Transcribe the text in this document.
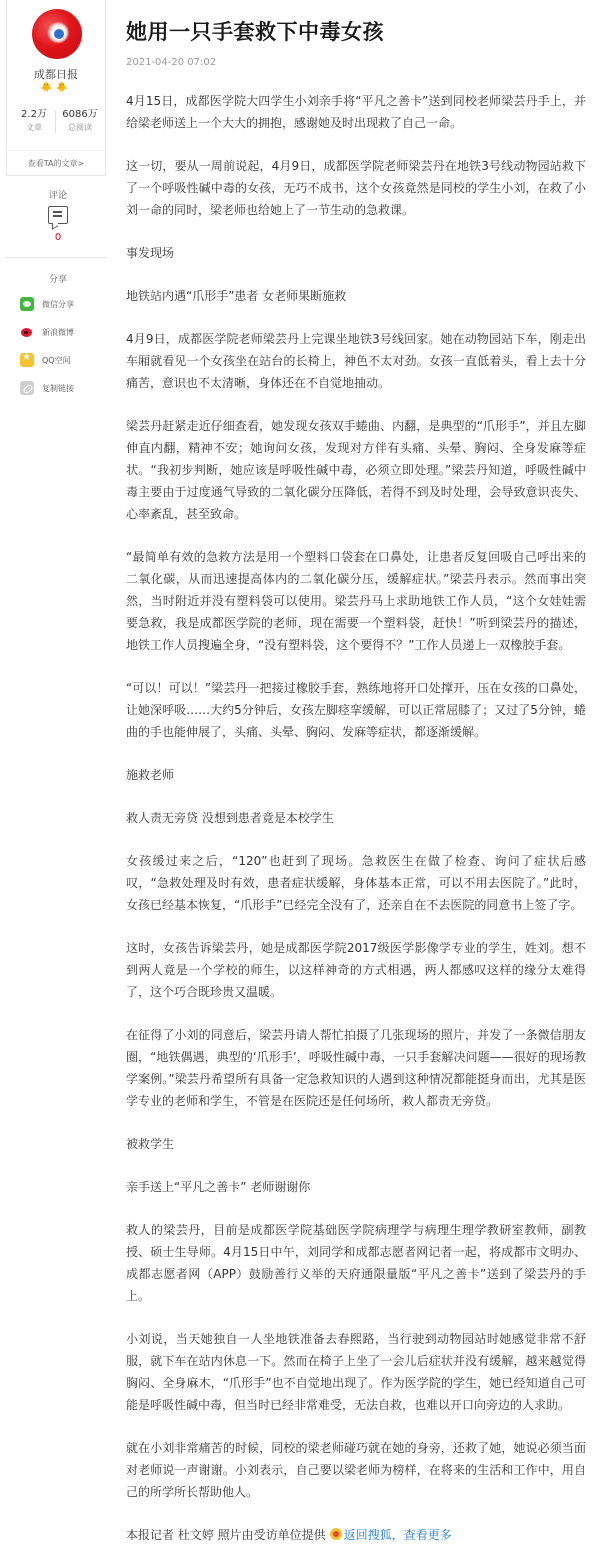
成都日报
🐥🐥
2.2万
文章
6086万
总阅读
查看TA的文章>
评论
0
分享
微信分享
新浪微博
★
QQ空间
复制链接
她用一只手套救下中毒女孩
2021-04-20 07:02

4月15日，成都医学院大四学生小刘亲手将“平凡之善卡”送到同校老师梁芸丹手上，并给梁老师送上一个大大的拥抱，感谢她及时出现救了自己一命。

这一切，要从一周前说起，4月9日，成都医学院老师梁芸丹在地铁3号线动物园站救下了一个呼吸性碱中毒的女孩，无巧不成书，这个女孩竟然是同校的学生小刘，在救了小刘一命的同时，梁老师也给她上了一节生动的急救课。

事发现场

地铁站内遇“爪形手”患者 女老师果断施救

4月9日，成都医学院老师梁芸丹上完课坐地铁3号线回家。她在动物园站下车，刚走出车厢就看见一个女孩坐在站台的长椅上，神色不太对劲。女孩一直低着头，看上去十分痛苦，意识也不太清晰，身体还在不自觉地抽动。

梁芸丹赶紧走近仔细查看，她发现女孩双手蜷曲、内翻，是典型的“爪形手”，并且左脚伸直内翻，精神不安；她询问女孩，发现对方伴有头痛、头晕、胸闷、全身发麻等症状。“我初步判断，她应该是呼吸性碱中毒，必须立即处理。”梁芸丹知道，呼吸性碱中毒主要由于过度通气导致的二氧化碳分压降低，若得不到及时处理，会导致意识丧失、心率紊乱，甚至致命。

“最简单有效的急救方法是用一个塑料口袋套在口鼻处，让患者反复回吸自己呼出来的二氧化碳，从而迅速提高体内的二氧化碳分压，缓解症状。”梁芸丹表示。然而事出突然，当时附近并没有塑料袋可以使用。梁芸丹马上求助地铁工作人员，“这个女娃娃需要急救，我是成都医学院的老师，现在需要一个塑料袋，赶快！”听到梁芸丹的描述，地铁工作人员搜遍全身，“没有塑料袋，这个要得不？”工作人员递上一双橡胶手套。

“可以！可以！”梁芸丹一把接过橡胶手套，熟练地将开口处撑开，压在女孩的口鼻处，让她深呼吸……大约5分钟后，女孩左脚痉挛缓解，可以正常屈膝了；又过了5分钟，蜷曲的手也能伸展了，头痛、头晕、胸闷、发麻等症状，都逐渐缓解。

施救老师

救人责无旁贷 没想到患者竟是本校学生

女孩缓过来之后，“120”也赶到了现场。急救医生在做了检查、询问了症状后感叹，“急救处理及时有效，患者症状缓解，身体基本正常，可以不用去医院了。”此时，女孩已经基本恢复，“爪形手”已经完全没有了，还亲自在不去医院的同意书上签了字。

这时，女孩告诉梁芸丹，她是成都医学院2017级医学影像学专业的学生，姓刘。想不到两人竟是一个学校的师生，以这样神奇的方式相遇，两人都感叹这样的缘分太难得了，这个巧合既珍贵又温暖。

在征得了小刘的同意后，梁芸丹请人帮忙拍摄了几张现场的照片，并发了一条微信朋友圈，“地铁偶遇，典型的‘爪形手’，呼吸性碱中毒，一只手套解决问题——很好的现场教学案例。”梁芸丹希望所有具备一定急救知识的人遇到这种情况都能挺身而出，尤其是医学专业的老师和学生，不管是在医院还是任何场所，救人都责无旁贷。

被救学生

亲手送上“平凡之善卡” 老师谢谢你

救人的梁芸丹，目前是成都医学院基础医学院病理学与病理生理学教研室教师，副教授、硕士生导师。4月15日中午，刘同学和成都志愿者网记者一起，将成都市文明办、成都志愿者网（APP）鼓励善行义举的天府通限量版“平凡之善卡”送到了梁芸丹的手上。

小刘说，当天她独自一人坐地铁准备去春熙路，当行驶到动物园站时她感觉非常不舒服，就下车在站内休息一下。然而在椅子上坐了一会儿后症状并没有缓解，越来越觉得胸闷、全身麻木，“爪形手”也不自觉地出现了。作为医学院的学生，她已经知道自己可能是呼吸性碱中毒，但当时已经非常难受，无法自救，也难以开口向旁边的人求助。

就在小刘非常痛苦的时候，同校的梁老师碰巧就在她的身旁，还救了她，她说必须当面对老师说一声谢谢。小刘表示，自己要以梁老师为榜样，在将来的生活和工作中，用自己的所学所长帮助他人。

本报记者 杜文婷 照片由受访单位提供 返回搜狐，查看更多
